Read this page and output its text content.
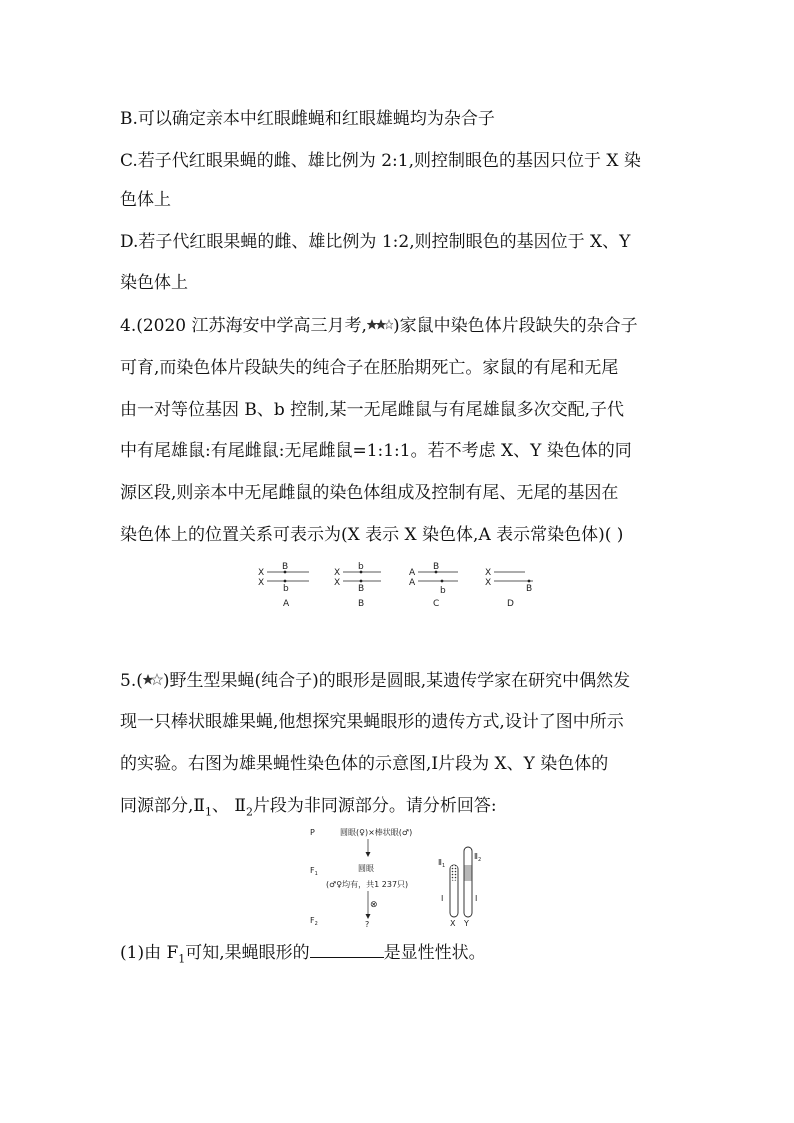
B.可以确定亲本中红眼雌蝇和红眼雄蝇均为杂合子
C.若子代红眼果蝇的雌、雄比例为 2:1,则控制眼色的基因只位于 X 染
色体上
D.若子代红眼果蝇的雌、雄比例为 1:2,则控制眼色的基因位于 X、Y
染色体上
4.(2020 江苏海安中学高三月考, )家鼠中染色体片段缺失的杂合子
可育,而染色体片段缺失的纯合子在胚胎期死亡。家鼠的有尾和无尾
由一对等位基因 B、b 控制,某一无尾雌鼠与有尾雄鼠多次交配,子代
中有尾雄鼠:有尾雌鼠:无尾雌鼠=1:1:1。若不考虑 X、Y 染色体的同
源区段,则亲本中无尾雌鼠的染色体组成及控制有尾、无尾的基因在
染色体上的位置关系可表示为(X 表示 X 染色体,A 表示常染色体)( )
X
X
B
b
A
X
X
b
B
B
A
A
B
b
C
X
X
B
D
5.( )野生型果蝇(纯合子)的眼形是圆眼,某遗传学家在研究中偶然发
现一只棒状眼雄果蝇,他想探究果蝇眼形的遗传方式,设计了图中所示
的实验。右图为雄果蝇性染色体的示意图,Ⅰ片段为 X、Y 染色体的
同源部分$,Ⅱ_1$、 $Ⅱ_2$片段为非同源部分。请分析回答:
P	圆眼(♀)×棒状眼(♂)
$F_1$
圆眼
(♂♀均有，共1 237只)
⊗
$F_2$	?
$Ⅱ_1$
$Ⅱ_2$
Ⅰ	Ⅰ
X Y
(1)由 $F_1$可知,果蝇眼形的	是显性性状。
